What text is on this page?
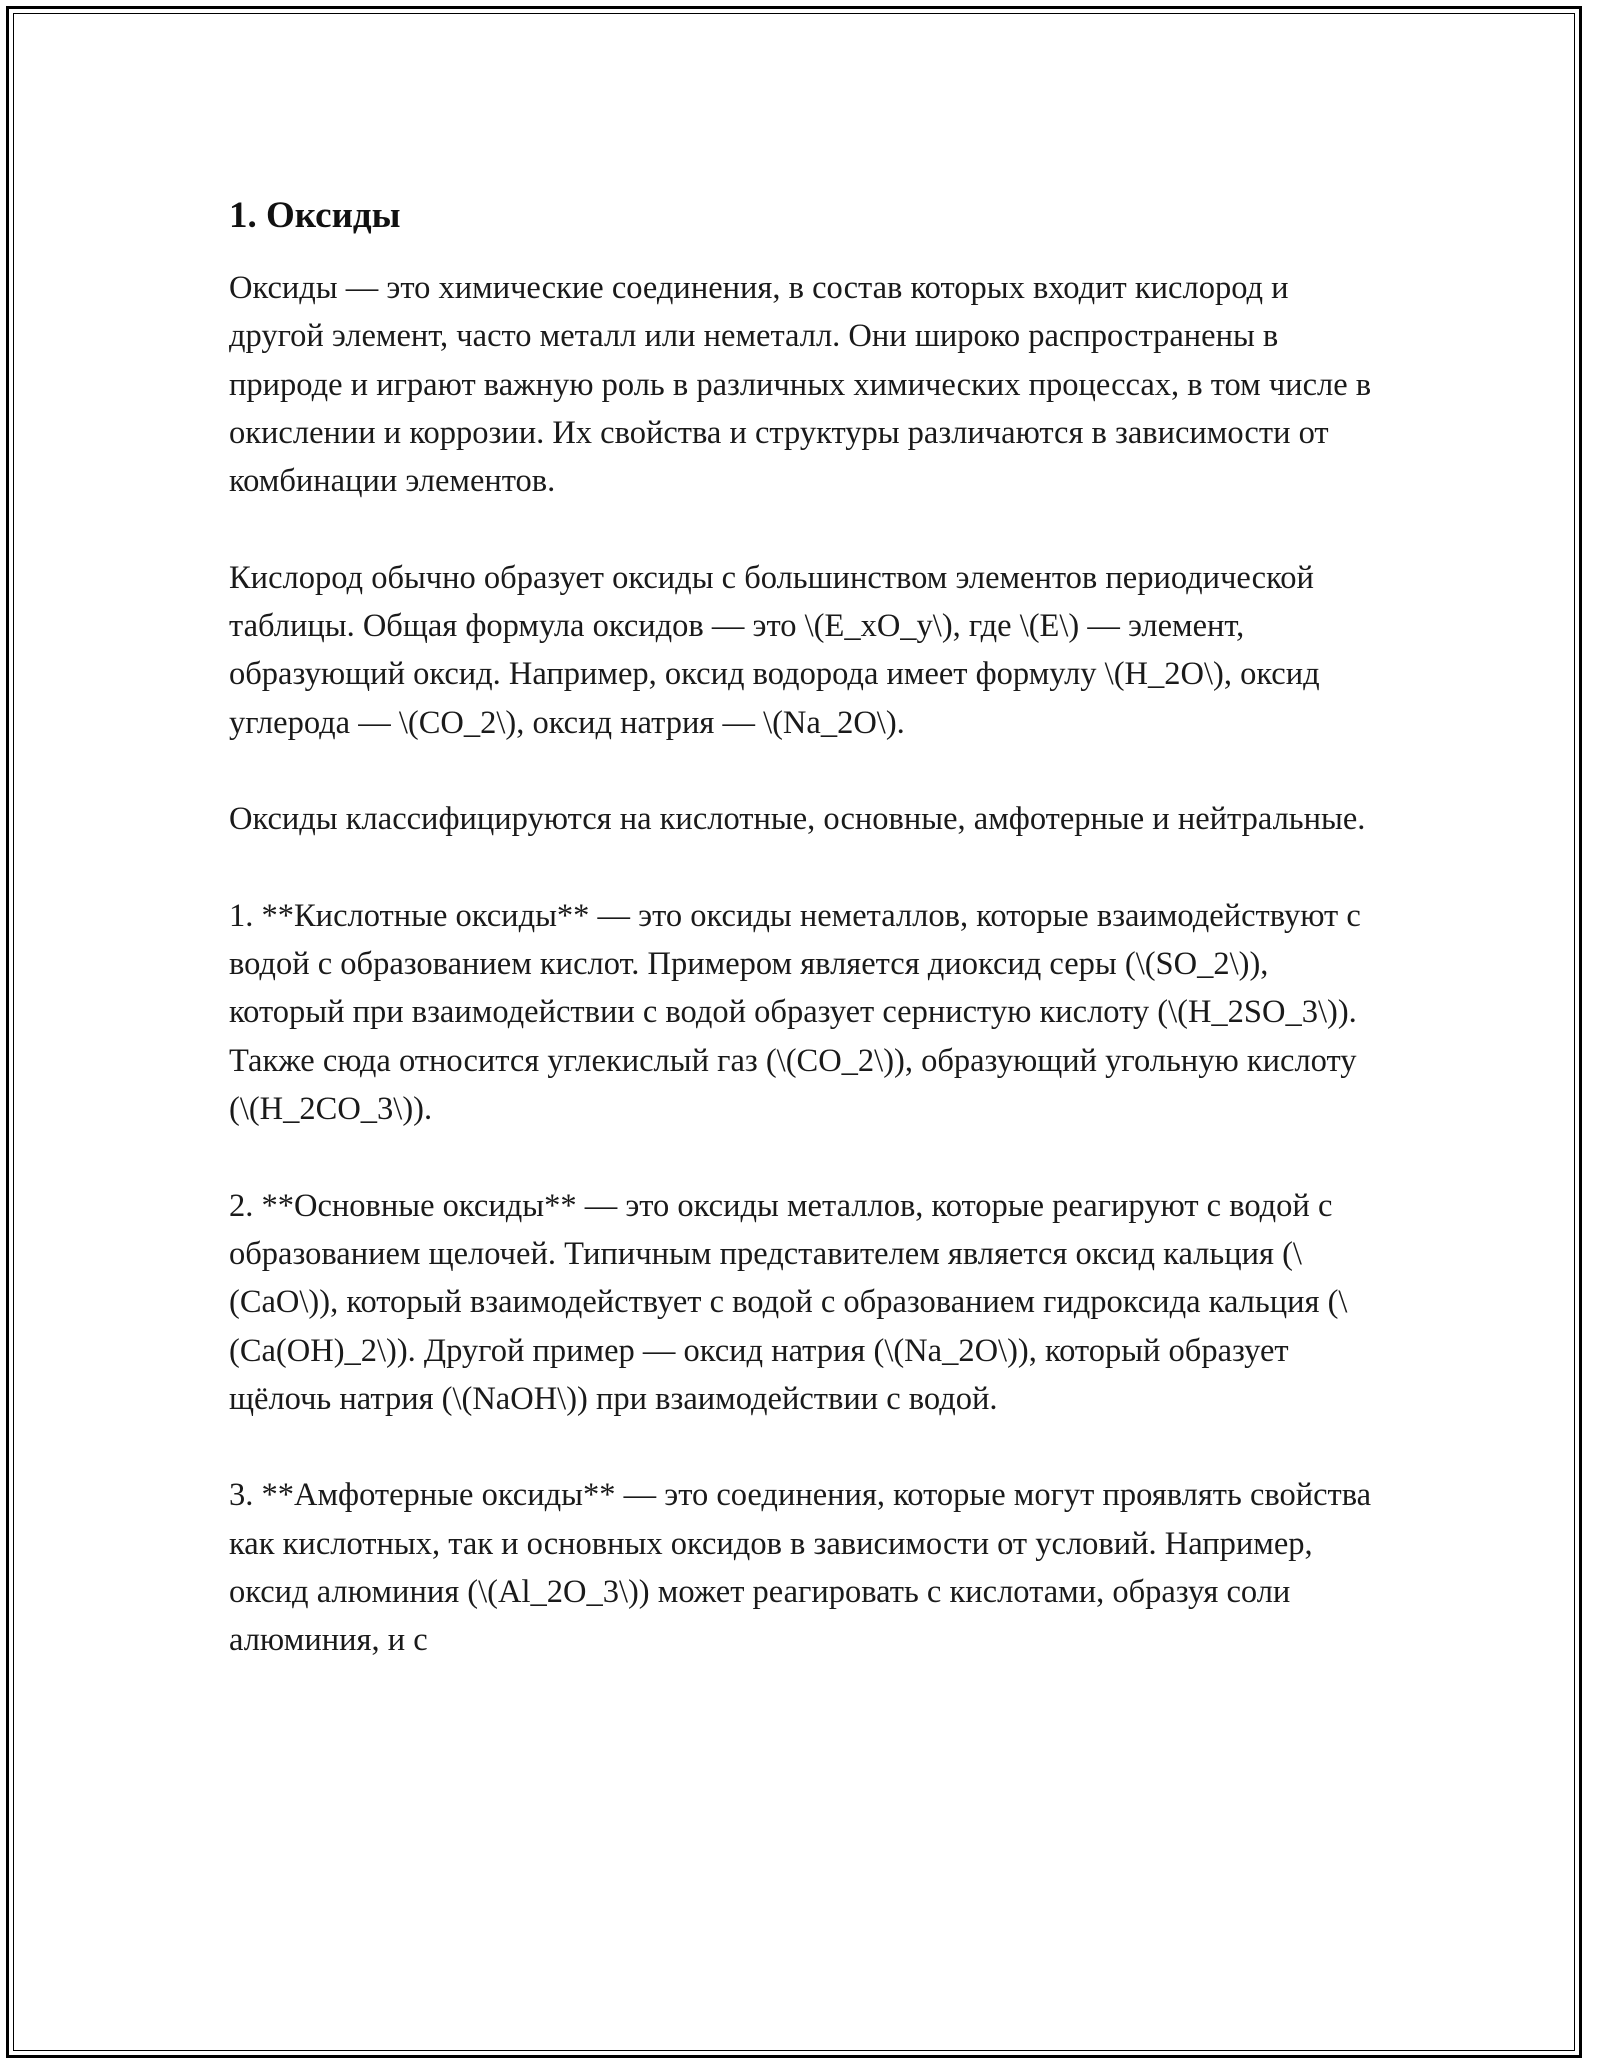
1. Оксиды

Оксиды — это химические соединения, в состав которых входит кислород и другой элемент, часто металл или неметалл. Они широко распространены в природе и играют важную роль в различных химических процессах, в том числе в окислении и коррозии. Их свойства и структуры различаются в зависимости от комбинации элементов.

Кислород обычно образует оксиды с большинством элементов периодической таблицы. Общая формула оксидов — это \(E_xO_y\), где \(E\) — элемент, образующий оксид. Например, оксид водорода имеет формулу \(H_2O\), оксид углерода — \(CO_2\), оксид натрия — \(Na_2O\).

Оксиды классифицируются на кислотные, основные, амфотерные и нейтральные.

1. **Кислотные оксиды** — это оксиды неметаллов, которые взаимодействуют с водой с образованием кислот. Примером является диоксид серы (\(SO_2\)), который при взаимодействии с водой образует сернистую кислоту (\(H_2SO_3\)). Также сюда относится углекислый газ (\(CO_2\)), образующий угольную кислоту (\(H_2CO_3\)).

2. **Основные оксиды** — это оксиды металлов, которые реагируют с водой с образованием щелочей. Типичным представителем является оксид кальция (\(CaO\)), который взаимодействует с водой с образованием гидроксида кальция (\(Ca(OH)_2\)). Другой пример — оксид натрия (\(Na_2O\)), который образует щёлочь натрия (\(NaOH\)) при взаимодействии с водой.

3. **Амфотерные оксиды** — это соединения, которые могут проявлять свойства как кислотных, так и основных оксидов в зависимости от условий. Например, оксид алюминия (\(Al_2O_3\)) может реагировать с кислотами, образуя соли алюминия, и с
